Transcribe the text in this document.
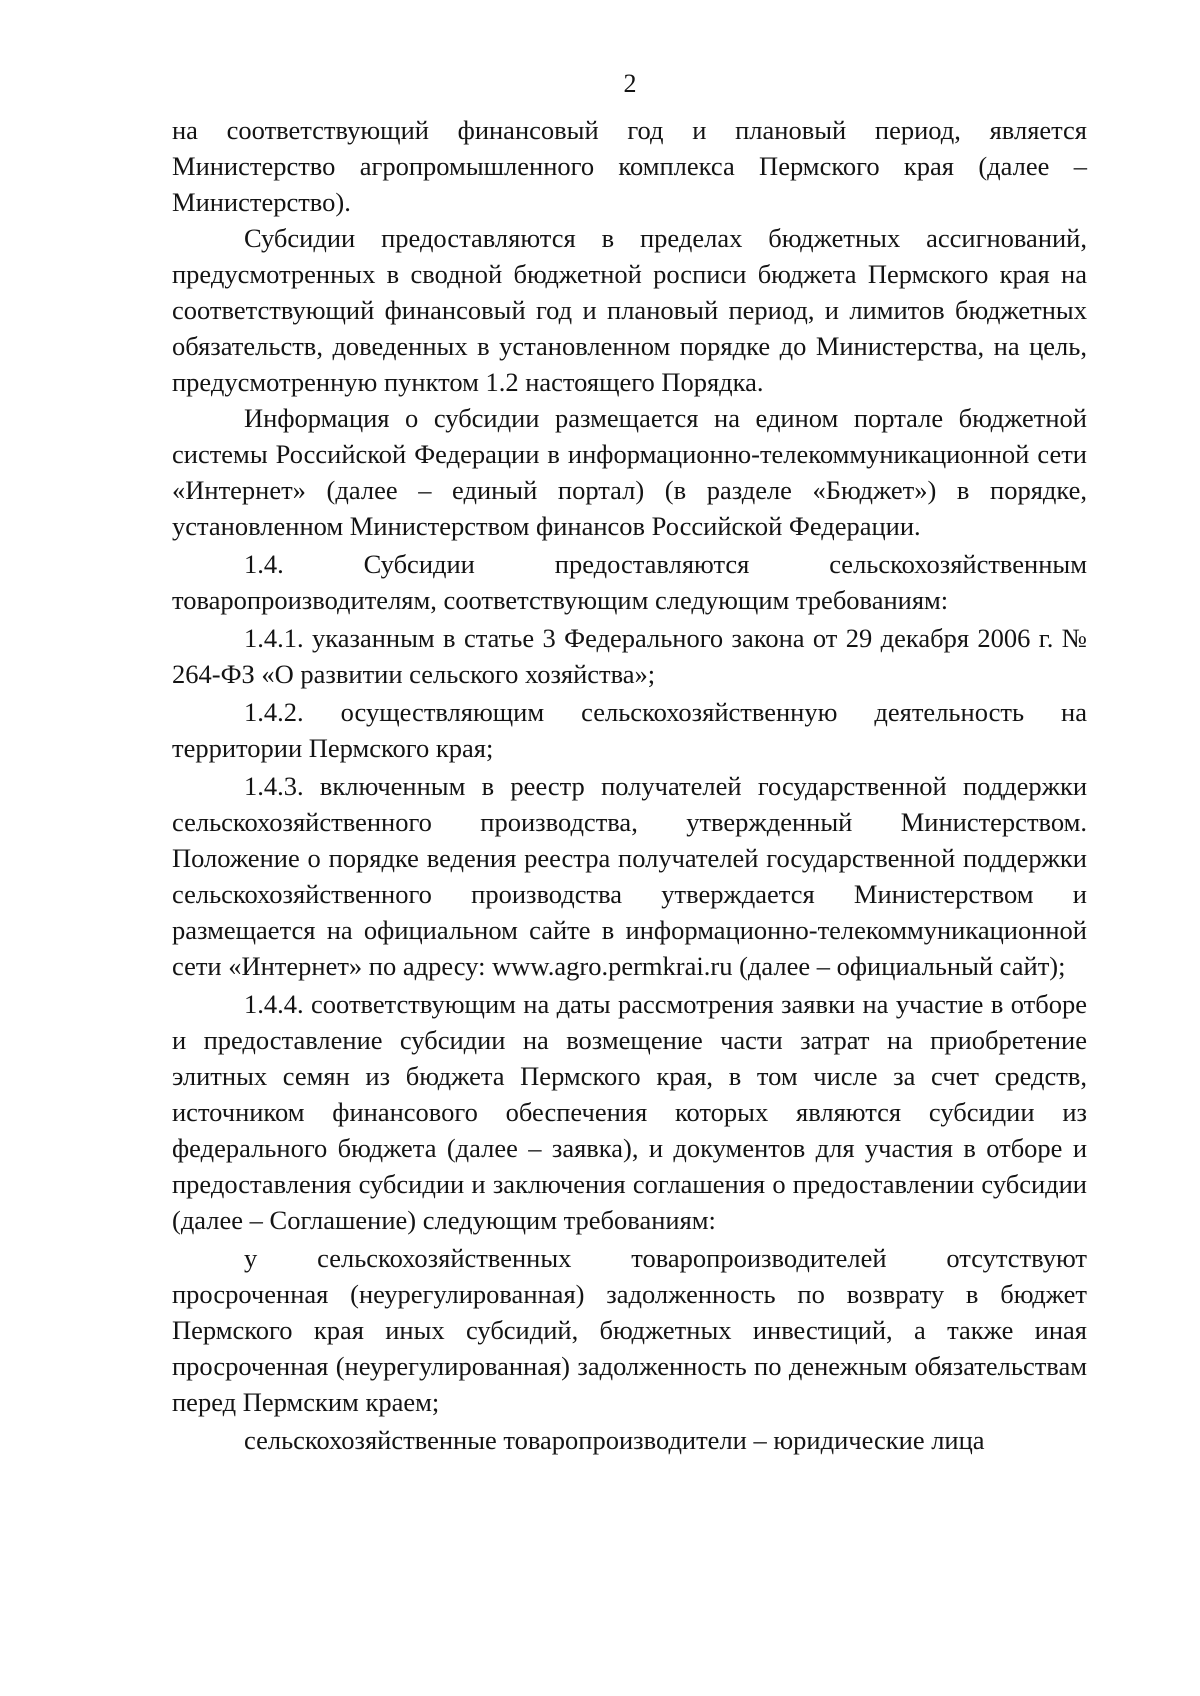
2

на соответствующий финансовый год и плановый период, является Министерство агропромышленного комплекса Пермского края (далее – Министерство).

Субсидии предоставляются в пределах бюджетных ассигнований, предусмотренных в сводной бюджетной росписи бюджета Пермского края на соответствующий финансовый год и плановый период, и лимитов бюджетных обязательств, доведенных в установленном порядке до Министерства, на цель, предусмотренную пунктом 1.2 настоящего Порядка.

Информация о субсидии размещается на едином портале бюджетной системы Российской Федерации в информационно-телекоммуникационной сети «Интернет» (далее – единый портал) (в разделе «Бюджет») в порядке, установленном Министерством финансов Российской Федерации.

1.4. Субсидии предоставляются сельскохозяйственным товаропроизводителям, соответствующим следующим требованиям:

1.4.1. указанным в статье 3 Федерального закона от 29 декабря 2006 г. № 264-ФЗ «О развитии сельского хозяйства»;

1.4.2. осуществляющим сельскохозяйственную деятельность на территории Пермского края;

1.4.3. включенным в реестр получателей государственной поддержки сельскохозяйственного производства, утвержденный Министерством. Положение о порядке ведения реестра получателей государственной поддержки сельскохозяйственного производства утверждается Министерством и размещается на официальном сайте в информационно-телекоммуникационной сети «Интернет» по адресу: www.agro.permkrai.ru (далее – официальный сайт);

1.4.4. соответствующим на даты рассмотрения заявки на участие в отборе и предоставление субсидии на возмещение части затрат на приобретение элитных семян из бюджета Пермского края, в том числе за счет средств, источником финансового обеспечения которых являются субсидии из федерального бюджета (далее – заявка), и документов для участия в отборе и предоставления субсидии и заключения соглашения о предоставлении субсидии (далее – Соглашение) следующим требованиям:

у сельскохозяйственных товаропроизводителей отсутствуют просроченная (неурегулированная) задолженность по возврату в бюджет Пермского края иных субсидий, бюджетных инвестиций, а также иная просроченная (неурегулированная) задолженность по денежным обязательствам перед Пермским краем;

сельскохозяйственные товаропроизводители – юридические лица
